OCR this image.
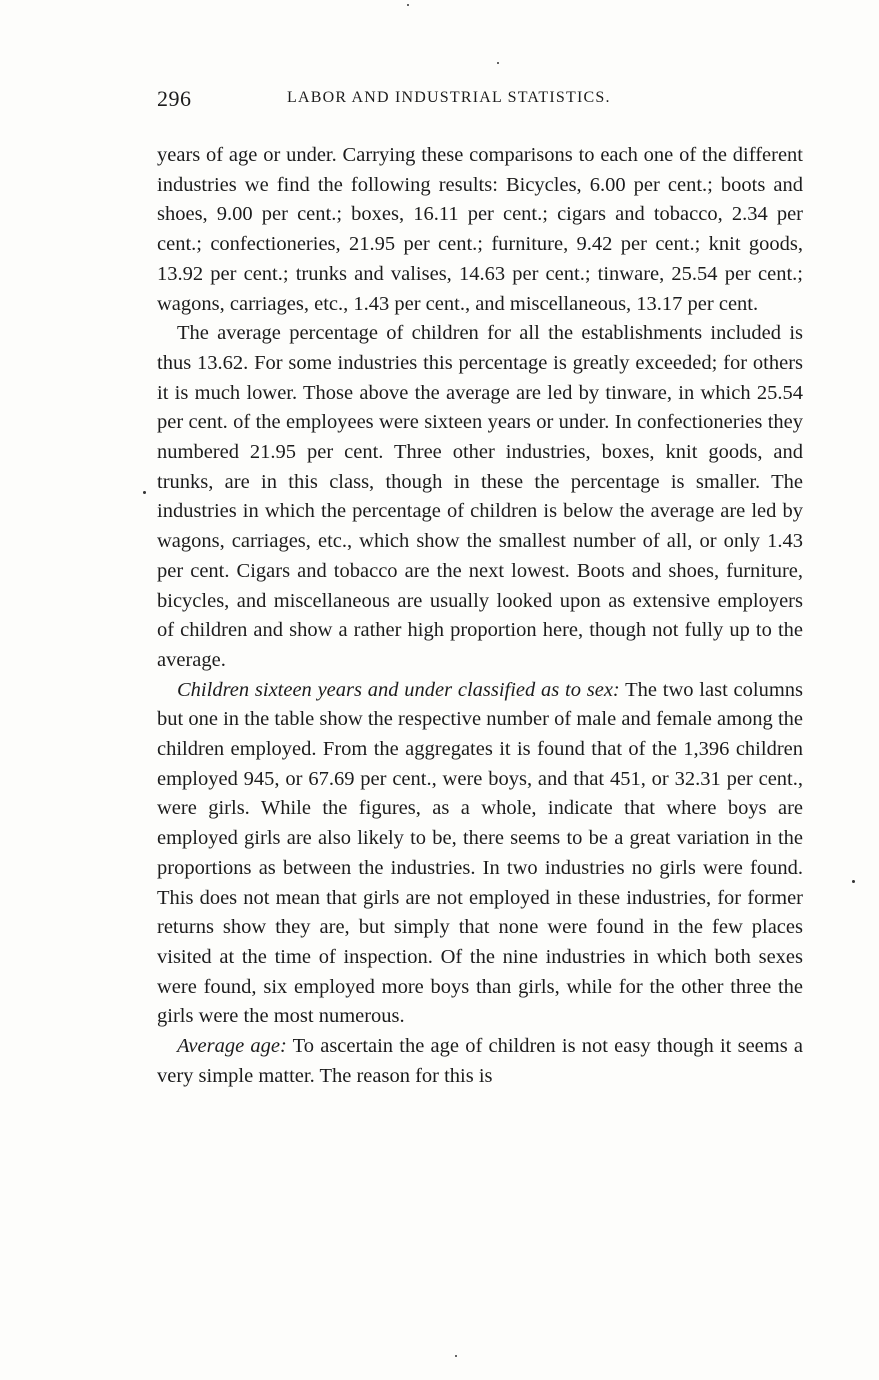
296	LABOR AND INDUSTRIAL STATISTICS.

years of age or under. Carrying these comparisons to each one of the different industries we find the following results: Bicycles, 6.00 per cent.; boots and shoes, 9.00 per cent.; boxes, 16.11 per cent.; cigars and tobacco, 2.34 per cent.; confectioneries, 21.95 per cent.; furniture, 9.42 per cent.; knit goods, 13.92 per cent.; trunks and valises, 14.63 per cent.; tinware, 25.54 per cent.; wagons, carriages, etc., 1.43 per cent., and miscellaneous, 13.17 per cent.

The average percentage of children for all the establishments included is thus 13.62. For some industries this percentage is greatly exceeded; for others it is much lower. Those above the average are led by tinware, in which 25.54 per cent. of the employees were sixteen years or under. In confectioneries they numbered 21.95 per cent. Three other industries, boxes, knit goods, and trunks, are in this class, though in these the percentage is smaller. The industries in which the percentage of children is below the average are led by wagons, carriages, etc., which show the smallest number of all, or only 1.43 per cent. Cigars and tobacco are the next lowest. Boots and shoes, furniture, bicycles, and miscellaneous are usually looked upon as extensive employers of children and show a rather high proportion here, though not fully up to the average.

Children sixteen years and under classified as to sex: The two last columns but one in the table show the respective number of male and female among the children employed. From the aggregates it is found that of the 1,396 children employed 945, or 67.69 per cent., were boys, and that 451, or 32.31 per cent., were girls. While the figures, as a whole, indicate that where boys are employed girls are also likely to be, there seems to be a great variation in the proportions as between the industries. In two industries no girls were found. This does not mean that girls are not employed in these industries, for former returns show they are, but simply that none were found in the few places visited at the time of inspection. Of the nine industries in which both sexes were found, six employed more boys than girls, while for the other three the girls were the most numerous.

Average age: To ascertain the age of children is not easy though it seems a very simple matter. The reason for this is
